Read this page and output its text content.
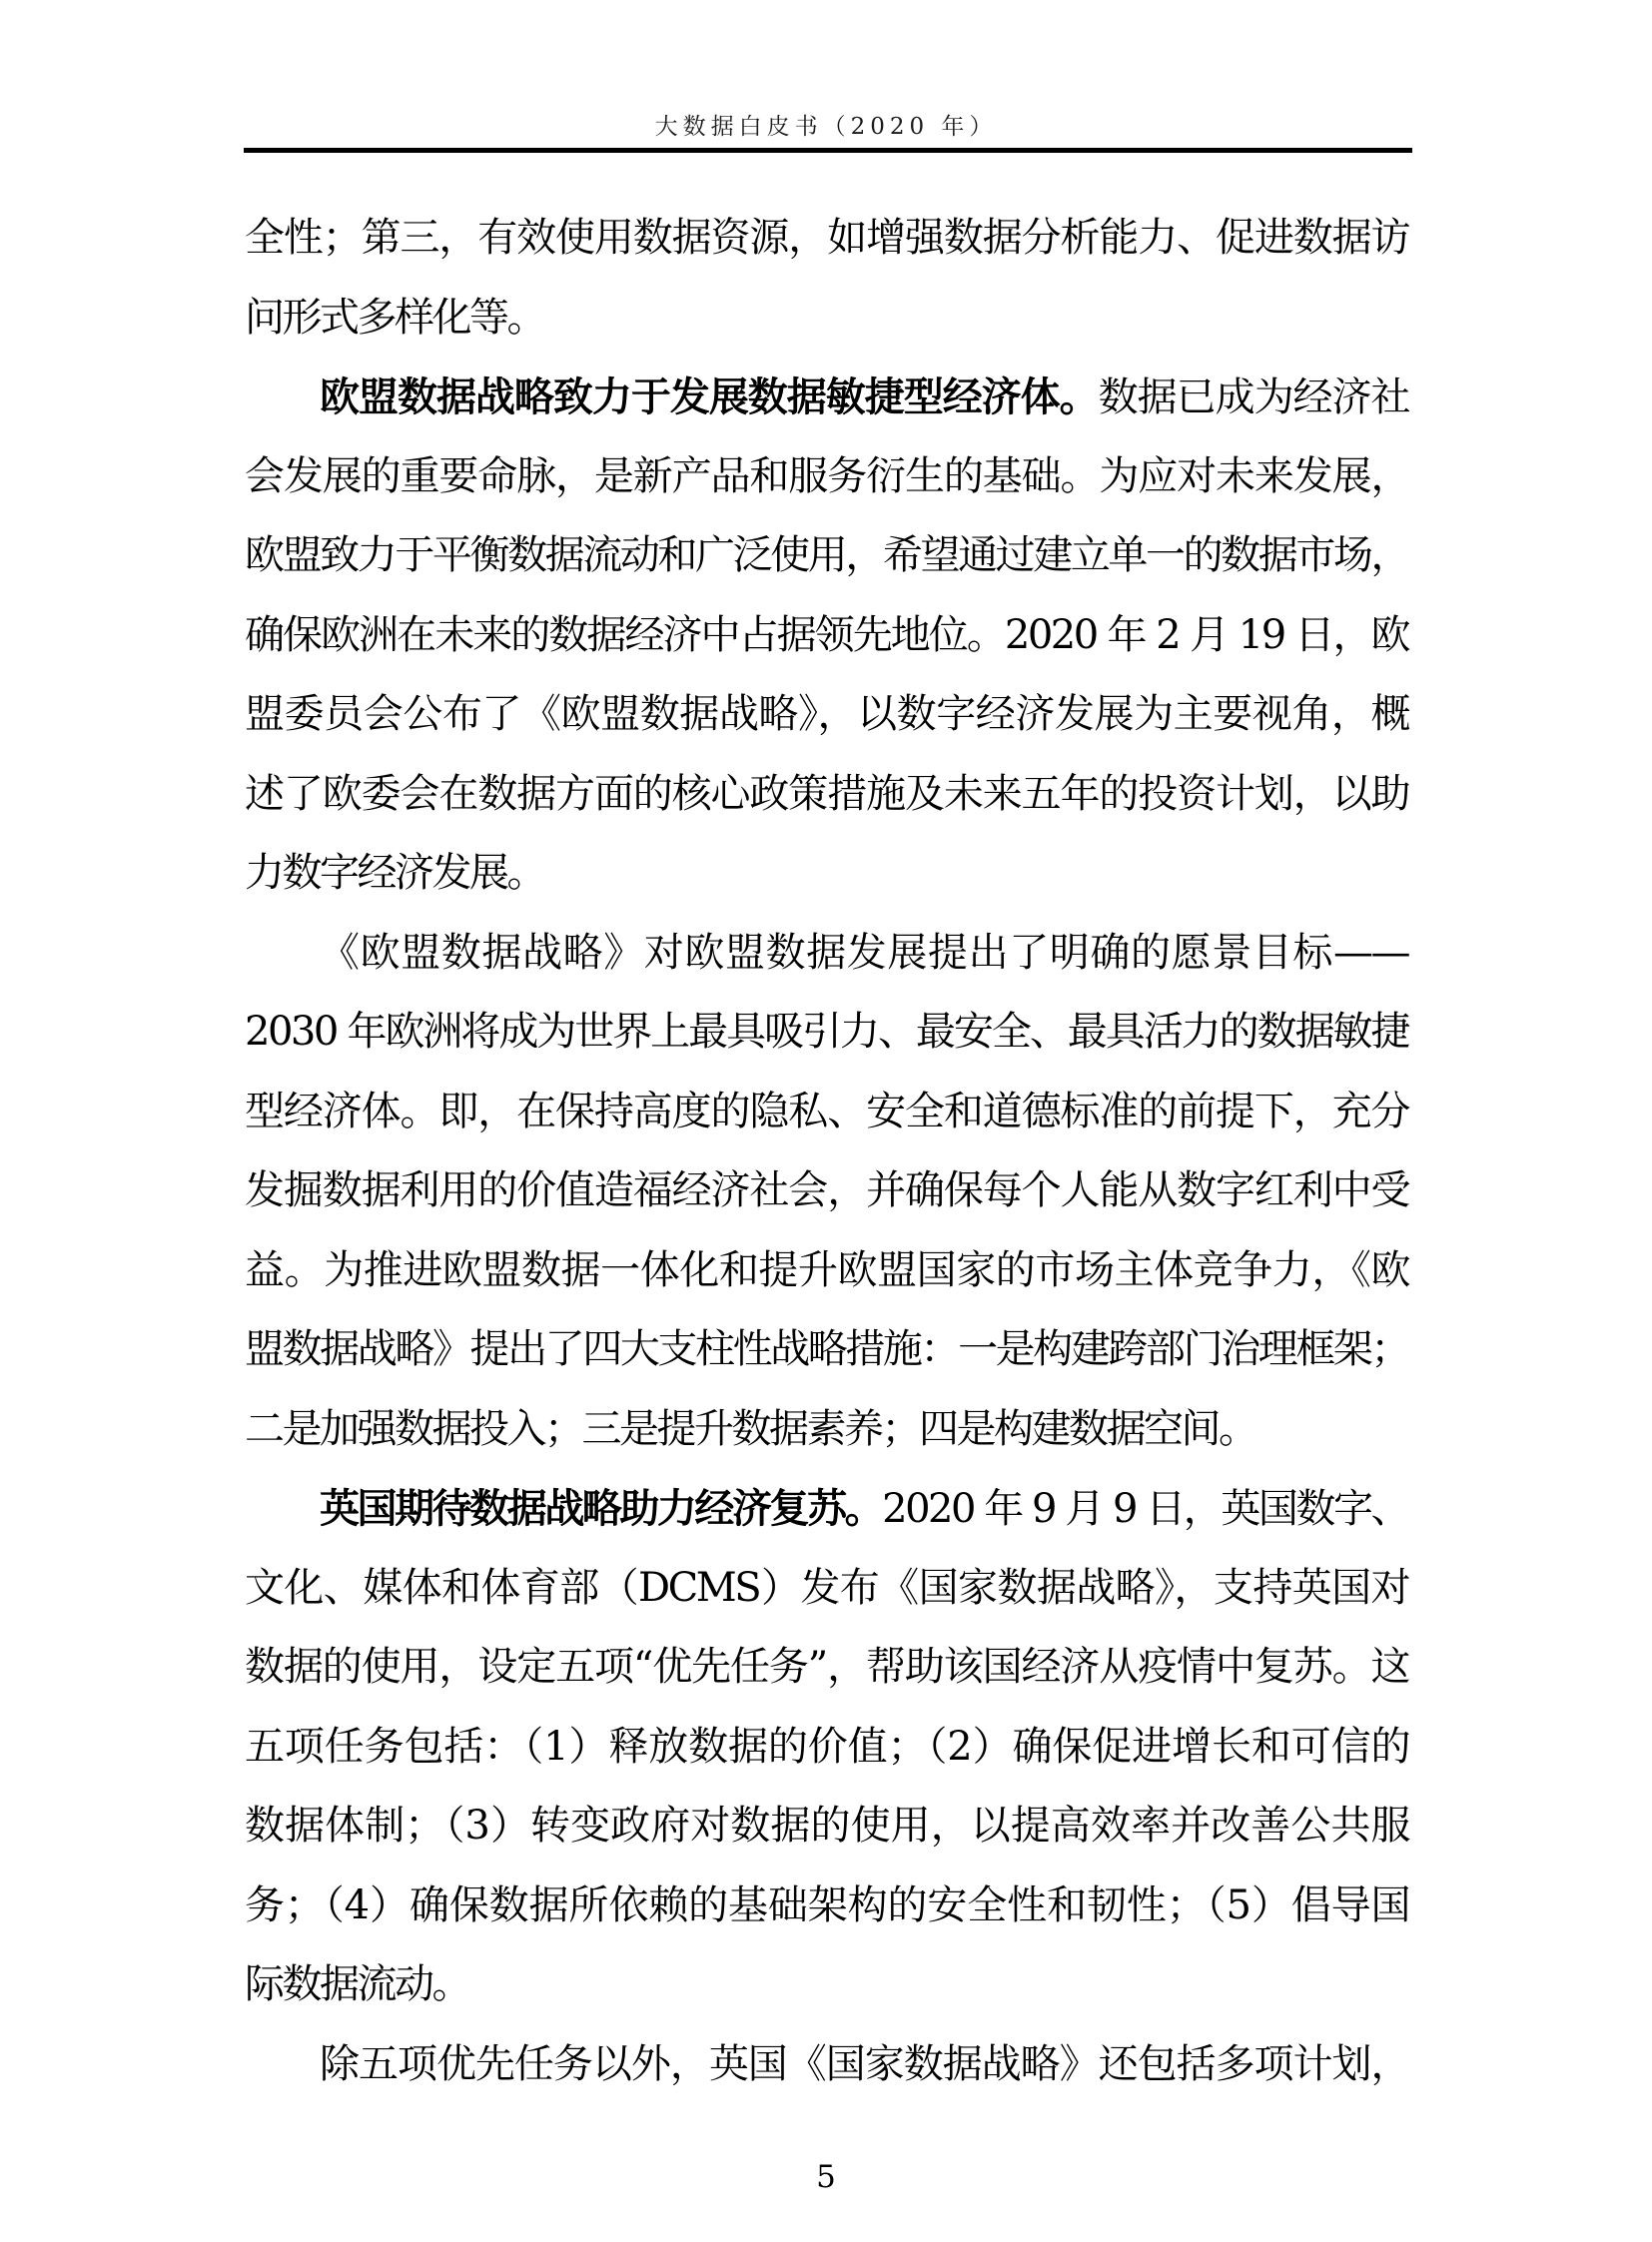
大数据白皮书（2020 年）
全性；第三，有效使用数据资源，如增强数据分析能力、促进数据访
问形式多样化等。
欧盟数据战略致力于发展数据敏捷型经济体。数据已成为经济社
会发展的重要命脉，是新产品和服务衍生的基础。为应对未来发展，
欧盟致力于平衡数据流动和广泛使用，希望通过建立单一的数据市场，
确保欧洲在未来的数据经济中占据领先地位。2020 年 2 月 19 日，欧
盟委员会公布了《欧盟数据战略》，以数字经济发展为主要视角，概
述了欧委会在数据方面的核心政策措施及未来五年的投资计划，以助
力数字经济发展。
《欧盟数据战略》对欧盟数据发展提出了明确的愿景目标——
2030 年欧洲将成为世界上最具吸引力、最安全、最具活力的数据敏捷
型经济体。即，在保持高度的隐私、安全和道德标准的前提下，充分
发掘数据利用的价值造福经济社会，并确保每个人能从数字红利中受
益。为推进欧盟数据一体化和提升欧盟国家的市场主体竞争力，《欧
盟数据战略》提出了四大支柱性战略措施：一是构建跨部门治理框架；
二是加强数据投入；三是提升数据素养；四是构建数据空间。
英国期待数据战略助力经济复苏。2020 年 9 月 9 日，英国数字、
文化、媒体和体育部（DCMS）发布《国家数据战略》，支持英国对
数据的使用，设定五项“优先任务”，帮助该国经济从疫情中复苏。这
五项任务包括：（1）释放数据的价值；（2）确保促进增长和可信的
数据体制；（3）转变政府对数据的使用，以提高效率并改善公共服
务；（4）确保数据所依赖的基础架构的安全性和韧性；（5）倡导国
际数据流动。
除五项优先任务以外，英国《国家数据战略》还包括多项计划，
5
